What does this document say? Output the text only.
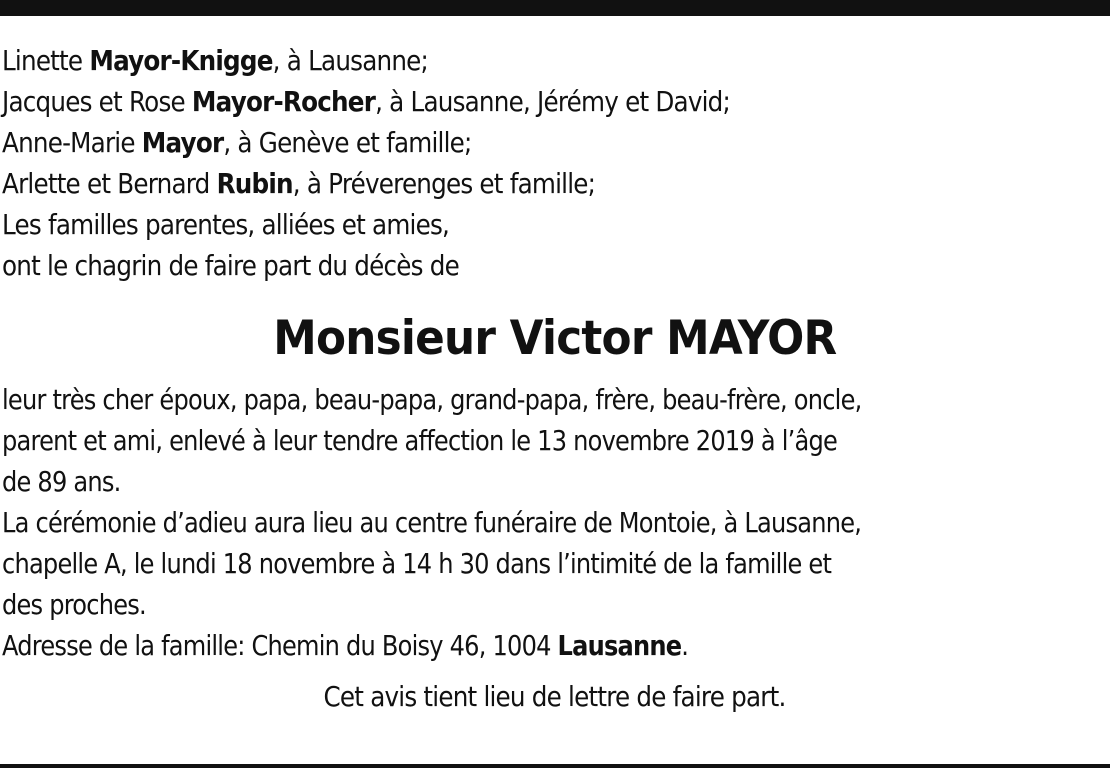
Linette Mayor-Knigge, à Lausanne;
Jacques et Rose Mayor-Rocher, à Lausanne, Jérémy et David;
Anne-Marie Mayor, à Genève et famille;
Arlette et Bernard Rubin, à Préverenges et famille;
Les familles parentes, alliées et amies,
ont le chagrin de faire part du décès de
Monsieur Victor MAYOR
leur très cher époux, papa, beau-papa, grand-papa, frère, beau-frère, oncle,
parent et ami, enlevé à leur tendre affection le 13 novembre 2019 à l’âge
de 89 ans.
La cérémonie d’adieu aura lieu au centre funéraire de Montoie, à Lausanne,
chapelle A, le lundi 18 novembre à 14 h 30 dans l’intimité de la famille et
des proches.
Adresse de la famille: Chemin du Boisy 46, 1004 Lausanne.
Cet avis tient lieu de lettre de faire part.
